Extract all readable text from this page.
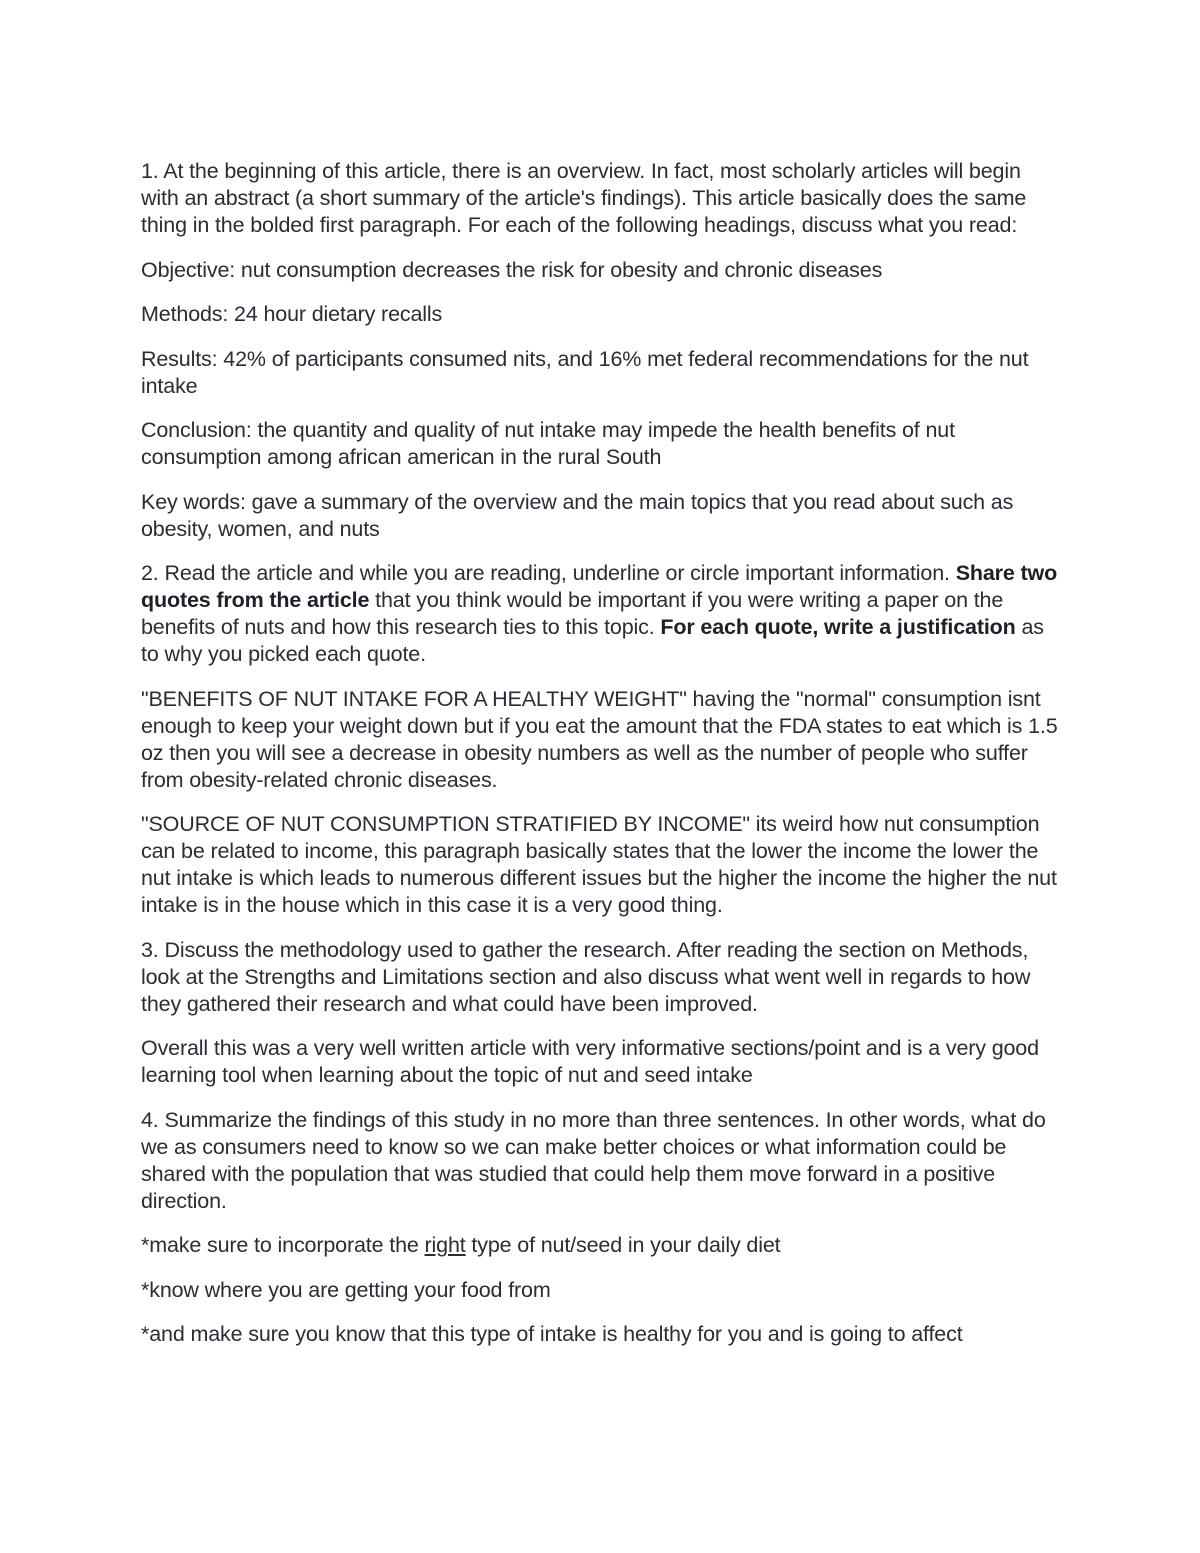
1. At the beginning of this article, there is an overview. In fact, most scholarly articles will begin with an abstract (a short summary of the article's findings). This article basically does the same thing in the bolded first paragraph. For each of the following headings, discuss what you read:

Objective: nut consumption decreases the risk for obesity and chronic diseases

Methods: 24 hour dietary recalls

Results: 42% of participants consumed nits, and 16% met federal recommendations for the nut intake

Conclusion: the quantity and quality of nut intake may impede the health benefits of nut consumption among african american in the rural South

Key words: gave a summary of the overview and the main topics that you read about such as obesity, women, and nuts

2. Read the article and while you are reading, underline or circle important information. Share two quotes from the article that you think would be important if you were writing a paper on the benefits of nuts and how this research ties to this topic. For each quote, write a justification as to why you picked each quote.

"BENEFITS OF NUT INTAKE FOR A HEALTHY WEIGHT" having the "normal" consumption isnt enough to keep your weight down but if you eat the amount that the FDA states to eat which is 1.5 oz then you will see a decrease in obesity numbers as well as the number of people who suffer from obesity-related chronic diseases.

"SOURCE OF NUT CONSUMPTION STRATIFIED BY INCOME" its weird how nut consumption can be related to income, this paragraph basically states that the lower the income the lower the nut intake is which leads to numerous different issues but the higher the income the higher the nut intake is in the house which in this case it is a very good thing.

3. Discuss the methodology used to gather the research. After reading the section on Methods, look at the Strengths and Limitations section and also discuss what went well in regards to how they gathered their research and what could have been improved.

Overall this was a very well written article with very informative sections/point and is a very good learning tool when learning about the topic of nut and seed intake

4. Summarize the findings of this study in no more than three sentences. In other words, what do we as consumers need to know so we can make better choices or what information could be shared with the population that was studied that could help them move forward in a positive direction.

*make sure to incorporate the right type of nut/seed in your daily diet

*know where you are getting your food from

*and make sure you know that this type of intake is healthy for you and is going to affect
